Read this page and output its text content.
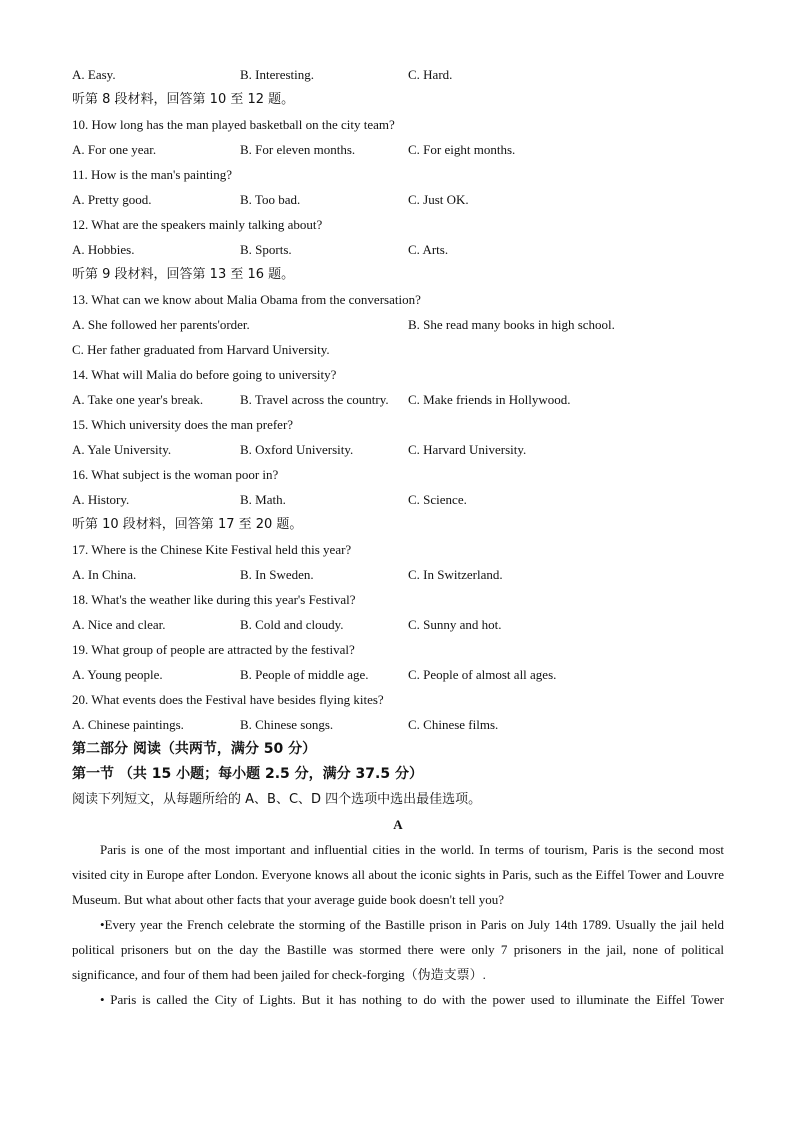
A. Easy.	B. Interesting.	C. Hard.
听第 8 段材料，回答第 10 至 12 题。
10. How long has the man played basketball on the city team?
A. For one year.	B. For eleven months.	C. For eight months.
11. How is the man's painting?
A. Pretty good.	B. Too bad.	C. Just OK.
12. What are the speakers mainly talking about?
A. Hobbies.	B. Sports.	C. Arts.
听第 9 段材料，回答第 13 至 16 题。
13. What can we know about Malia Obama from the conversation?
A. She followed her parents'order.	B. She read many books in high school.
C. Her father graduated from Harvard University.
14. What will Malia do before going to university?
A. Take one year's break.	B. Travel across the country. C. Make friends in Hollywood.
15. Which university does the man prefer?
A. Yale University.	B. Oxford University.	C. Harvard University.
16. What subject is the woman poor in?
A. History.	B. Math.	C. Science.
听第 10 段材料，回答第 17 至 20 题。
17. Where is the Chinese Kite Festival held this year?
A. In China.	B. In Sweden.	C. In Switzerland.
18. What's the weather like during this year's Festival?
A. Nice and clear.	B. Cold and cloudy.	C. Sunny and hot.
19. What group of people are attracted by the festival?
A. Young people.	B. People of middle age.	C. People of almost all ages.
20. What events does the Festival have besides flying kites?
A. Chinese paintings.	B. Chinese songs.	C. Chinese films.
第二部分 阅读（共两节，满分 50 分）
第一节 （共 15 小题；每小题 2.5 分，满分 37.5 分）
阅读下列短文，从每题所给的 A、B、C、D 四个选项中选出最佳选项。
A

Paris is one of the most important and influential cities in the world. In terms of tourism, Paris is the second most visited city in Europe after London. Everyone knows all about the iconic sights in Paris, such as the Eiffel Tower and Louvre Museum. But what about other facts that your average guide book doesn't tell you?

•Every year the French celebrate the storming of the Bastille prison in Paris on July 14th 1789. Usually the jail held political prisoners but on the day the Bastille was stormed there were only 7 prisoners in the jail, none of political significance, and four of them had been jailed for check-forging（伪造支票）.

• Paris is called the City of Lights. But it has nothing to do with the power used to illuminate the Eiffel Tower
